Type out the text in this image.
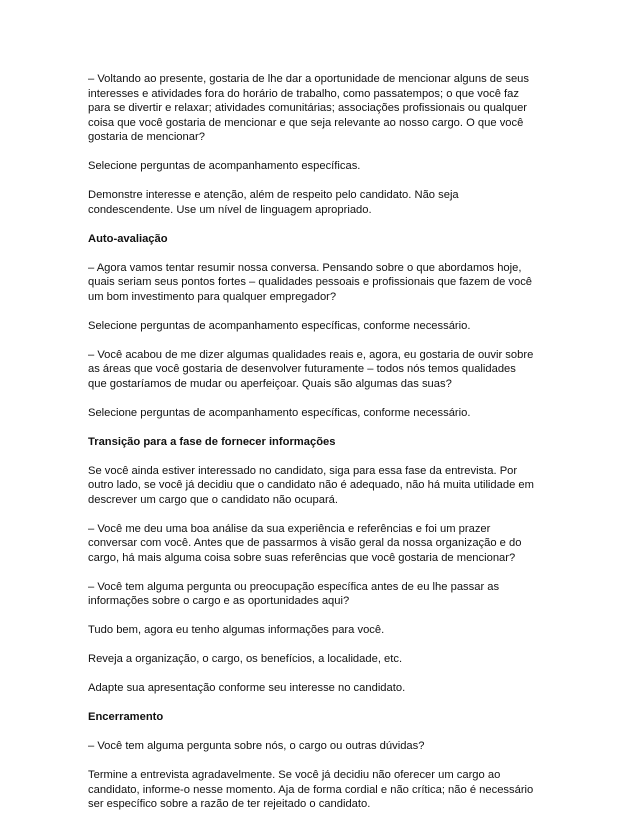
– Voltando ao presente, gostaria de lhe dar a oportunidade de mencionar alguns de seus
interesses e atividades fora do horário de trabalho, como passatempos; o que você faz
para se divertir e relaxar; atividades comunitárias; associações profissionais ou qualquer
coisa que você gostaria de mencionar e que seja relevante ao nosso cargo. O que você
gostaria de mencionar?

Selecione perguntas de acompanhamento específicas.

Demonstre interesse e atenção, além de respeito pelo candidato. Não seja
condescendente. Use um nível de linguagem apropriado.

Auto-avaliação

– Agora vamos tentar resumir nossa conversa. Pensando sobre o que abordamos hoje,
quais seriam seus pontos fortes – qualidades pessoais e profissionais que fazem de você
um bom investimento para qualquer empregador?

Selecione perguntas de acompanhamento específicas, conforme necessário.

– Você acabou de me dizer algumas qualidades reais e, agora, eu gostaria de ouvir sobre
as áreas que você gostaria de desenvolver futuramente – todos nós temos qualidades
que gostaríamos de mudar ou aperfeiçoar. Quais são algumas das suas?

Selecione perguntas de acompanhamento específicas, conforme necessário.

Transição para a fase de fornecer informações

Se você ainda estiver interessado no candidato, siga para essa fase da entrevista. Por
outro lado, se você já decidiu que o candidato não é adequado, não há muita utilidade em
descrever um cargo que o candidato não ocupará.

– Você me deu uma boa análise da sua experiência e referências e foi um prazer
conversar com você. Antes que de passarmos à visão geral da nossa organização e do
cargo, há mais alguma coisa sobre suas referências que você gostaria de mencionar?

– Você tem alguma pergunta ou preocupação específica antes de eu lhe passar as
informações sobre o cargo e as oportunidades aqui?

Tudo bem, agora eu tenho algumas informações para você.

Reveja a organização, o cargo, os benefícios, a localidade, etc.

Adapte sua apresentação conforme seu interesse no candidato.

Encerramento

– Você tem alguma pergunta sobre nós, o cargo ou outras dúvidas?

Termine a entrevista agradavelmente. Se você já decidiu não oferecer um cargo ao
candidato, informe-o nesse momento. Aja de forma cordial e não crítica; não é necessário
ser específico sobre a razão de ter rejeitado o candidato.
